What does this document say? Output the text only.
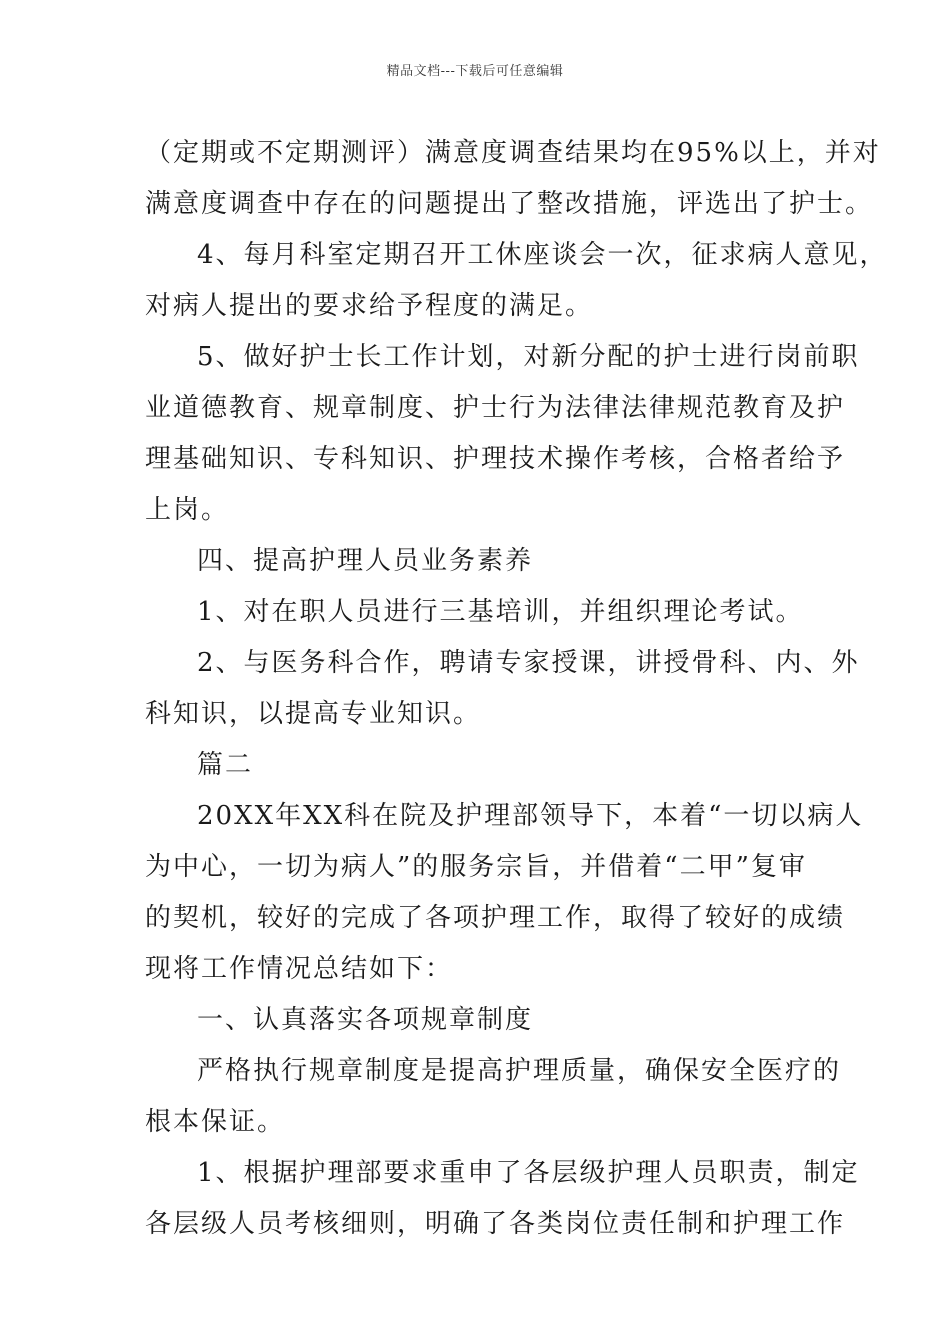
精品文档---下载后可任意编辑
（定期或不定期测评）满意度调查结果均在95%以上，并对
满意度调查中存在的问题提出了整改措施，评选出了护士。
4、每月科室定期召开工休座谈会一次，征求病人意见，
对病人提出的要求给予程度的满足。
5、做好护士长工作计划，对新分配的护士进行岗前职
业道德教育、规章制度、护士行为法律法律规范教育及护
理基础知识、专科知识、护理技术操作考核，合格者给予
上岗。
四、提高护理人员业务素养
1、对在职人员进行三基培训，并组织理论考试。
2、与医务科合作，聘请专家授课，讲授骨科、内、外
科知识，以提高专业知识。
篇二
20XX年XX科在院及护理部领导下，本着“一切以病人
为中心，一切为病人”的服务宗旨，并借着“二甲”复审
的契机，较好的完成了各项护理工作，取得了较好的成绩
现将工作情况总结如下：
一、认真落实各项规章制度
严格执行规章制度是提高护理质量，确保安全医疗的
根本保证。
1、根据护理部要求重申了各层级护理人员职责，制定
各层级人员考核细则，明确了各类岗位责任制和护理工作
